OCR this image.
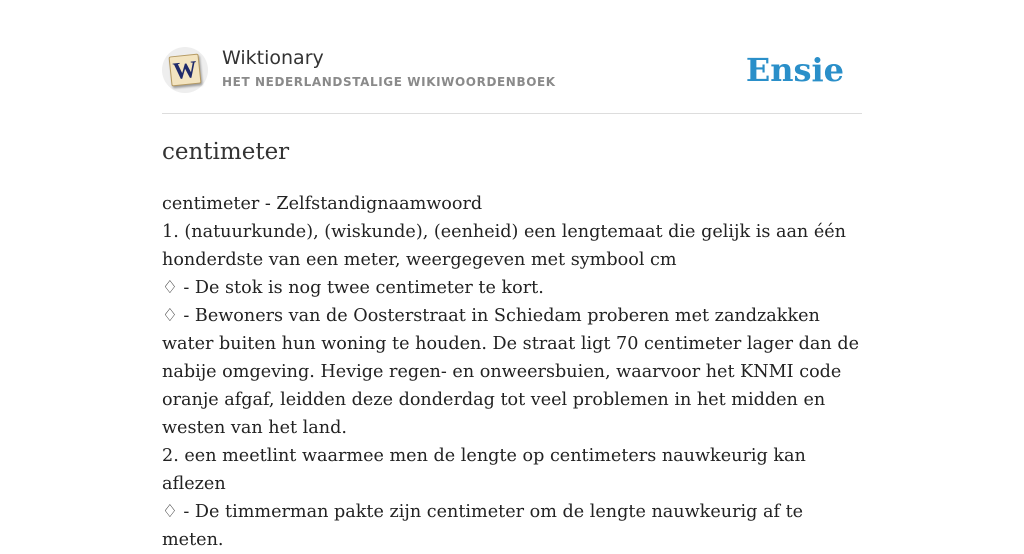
W Wiktionary
HET NEDERLANDSTALIGE WIKIWOORDENBOEK	Ensie
centimeter
centimeter - Zelfstandignaamwoord
1. (natuurkunde), (wiskunde), (eenheid) een lengtemaat die gelijk is aan één honderdste van een meter, weergegeven met symbool cm
♢ - De stok is nog twee centimeter te kort.
♢ - Bewoners van de Oosterstraat in Schiedam proberen met zandzakken water buiten hun woning te houden. De straat ligt 70 centimeter lager dan de nabije omgeving. Hevige regen- en onweersbuien, waarvoor het KNMI code oranje afgaf, leidden deze donderdag tot veel problemen in het midden en westen van het land.
2. een meetlint waarmee men de lengte op centimeters nauwkeurig kan aflezen
♢ - De timmerman pakte zijn centimeter om de lengte nauwkeurig af te meten.
